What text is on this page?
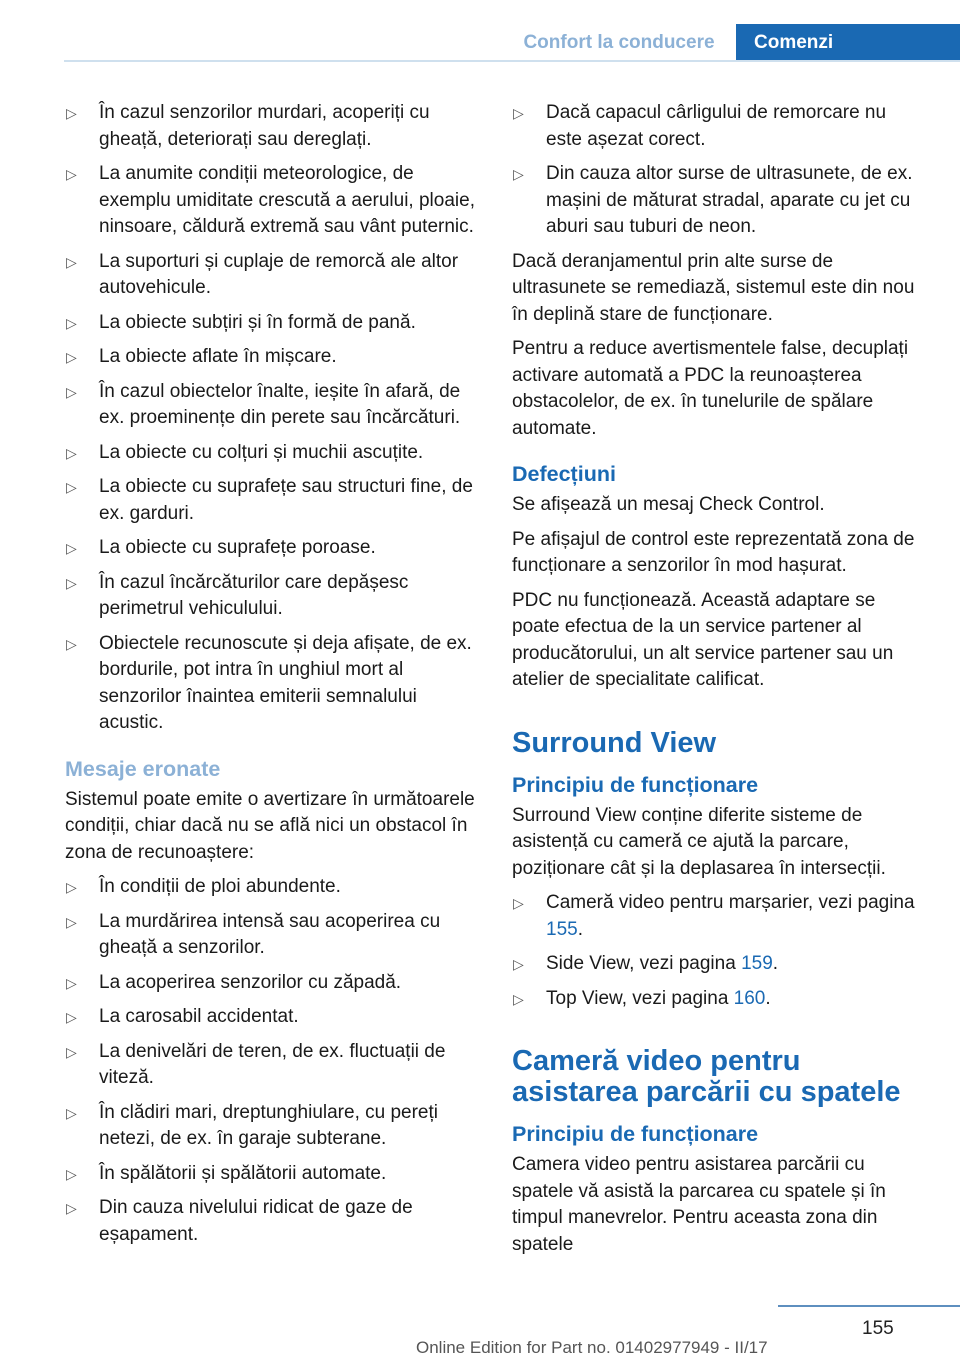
Confort la conducere	Comenzi
▷ În cazul senzorilor murdari, acoperiți cu gheață, deteriorați sau dereglați.
▷ La anumite condiții meteorologice, de exemplu umiditate crescută a aerului, ploaie, ninsoare, căldură extremă sau vânt puternic.
▷ La suporturi și cuplaje de remorcă ale altor autovehicule.
▷ La obiecte subțiri și în formă de pană.
▷ La obiecte aflate în mișcare.
▷ În cazul obiectelor înalte, ieșite în afară, de ex. proeminențe din perete sau încărcături.
▷ La obiecte cu colțuri și muchii ascuțite.
▷ La obiecte cu suprafețe sau structuri fine, de ex. garduri.
▷ La obiecte cu suprafețe poroase.
▷ În cazul încărcăturilor care depășesc perimetrul vehiculului.
▷ Obiectele recunoscute și deja afișate, de ex. bordurile, pot intra în unghiul mort al senzorilor înaintea emiterii semnalului acustic.
Mesaje eronate

Sistemul poate emite o avertizare în următoarele condiții, chiar dacă nu se află nici un obstacol în zona de recunoaștere:

▷ În condiții de ploi abundente.
▷ La murdărirea intensă sau acoperirea cu gheață a senzorilor.
▷ La acoperirea senzorilor cu zăpadă.
▷ La carosabil accidentat.
▷ La denivelări de teren, de ex. fluctuații de viteză.
▷ În clădiri mari, dreptunghiulare, cu pereți netezi, de ex. în garaje subterane.
▷ În spălătorii și spălătorii automate.
▷ Din cauza nivelului ridicat de gaze de eșapament.
▷ Dacă capacul cârligului de remorcare nu este așezat corect.
▷ Din cauza altor surse de ultrasunete, de ex. mașini de măturat stradal, aparate cu jet cu aburi sau tuburi de neon.

Dacă deranjamentul prin alte surse de ultrasunete se remediază, sistemul este din nou în deplină stare de funcționare.

Pentru a reduce avertismentele false, decuplați activare automată a PDC la reunoașterea obstacolelor, de ex. în tunelurile de spălare automate.

Defecțiuni

Se afișează un mesaj Check Control.

Pe afișajul de control este reprezentată zona de funcționare a senzorilor în mod hașurat.

PDC nu funcționează. Această adaptare se poate efectua de la un service partener al producătorului, un alt service partener sau un atelier de specialitate calificat.

Surround View
Principiu de funcționare

Surround View conține diferite sisteme de asistență cu cameră ce ajută la parcare, poziționare cât și la deplasarea în intersecții.

▷ Cameră video pentru marșarier, vezi pagina 155.
▷ Side View, vezi pagina 159.
▷ Top View, vezi pagina 160.
Cameră video pentru asistarea parcării cu spatele
Principiu de funcționare

Camera video pentru asistarea parcării cu spatele vă asistă la parcarea cu spatele și în timpul manevrelor. Pentru aceasta zona din spatele

155
Online Edition for Part no. 01402977949 - II/17
